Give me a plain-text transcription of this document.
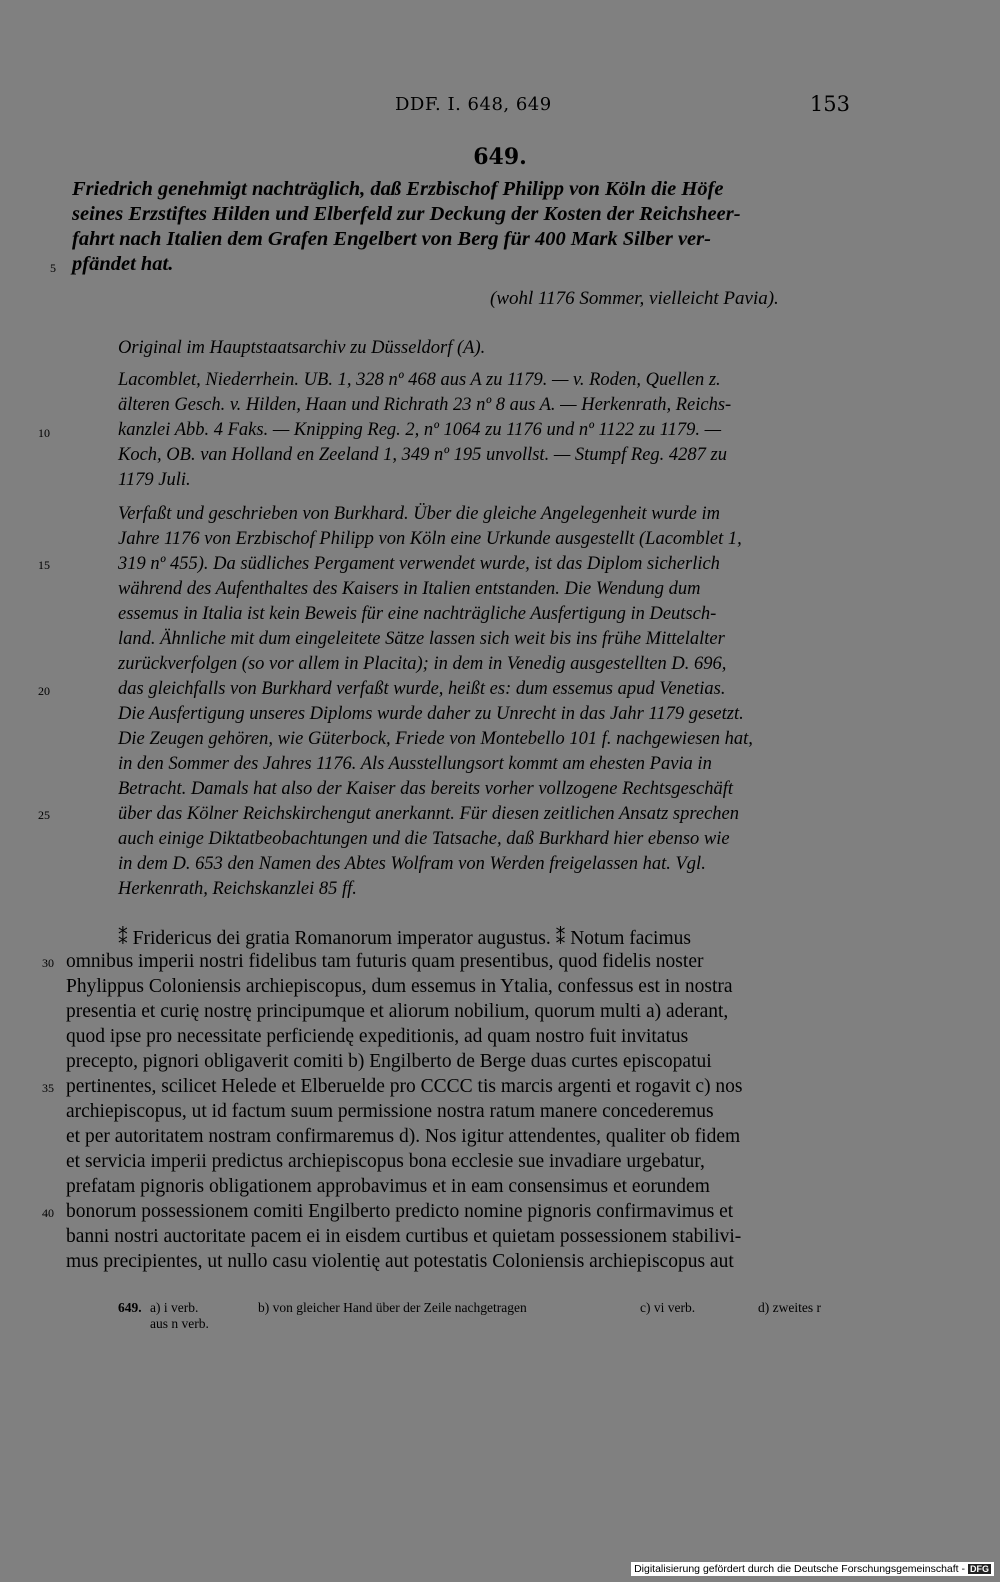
DDF. I. 648, 649	153
649.
Friedrich genehmigt nachträglich, daß Erzbischof Philipp von Köln die Höfe
seines Erzstiftes Hilden und Elberfeld zur Deckung der Kosten der Reichsheer-
fahrt nach Italien dem Grafen Engelbert von Berg für 400 Mark Silber ver-
5 pfändet hat.
(wohl 1176 Sommer, vielleicht Pavia).
Original im Hauptstaatsarchiv zu Düsseldorf (A).
Lacomblet, Niederrhein. UB. 1, 328 nº 468 aus A zu 1179. — v. Roden, Quellen z.
älteren Gesch. v. Hilden, Haan und Richrath 23 nº 8 aus A. — Herkenrath, Reichs-
10	kanzlei Abb. 4 Faks. — Knipping Reg. 2, nº 1064 zu 1176 und nº 1122 zu 1179. —
Koch, OB. van Holland en Zeeland 1, 349 nº 195 unvollst. — Stumpf Reg. 4287 zu
1179 Juli.
Verfaßt und geschrieben von Burkhard. Über die gleiche Angelegenheit wurde im
Jahre 1176 von Erzbischof Philipp von Köln eine Urkunde ausgestellt (Lacomblet 1,
15	319 nº 455). Da südliches Pergament verwendet wurde, ist das Diplom sicherlich
während des Aufenthaltes des Kaisers in Italien entstanden. Die Wendung dum
essemus in Italia ist kein Beweis für eine nachträgliche Ausfertigung in Deutsch-
land. Ähnliche mit dum eingeleitete Sätze lassen sich weit bis ins frühe Mittelalter
zurückverfolgen (so vor allem in Placita); in dem in Venedig ausgestellten D. 696,
20	das gleichfalls von Burkhard verfaßt wurde, heißt es: dum essemus apud Venetias.
Die Ausfertigung unseres Diploms wurde daher zu Unrecht in das Jahr 1179 gesetzt.
Die Zeugen gehören, wie Güterbock, Friede von Montebello 101 f. nachgewiesen hat,
in den Sommer des Jahres 1176. Als Ausstellungsort kommt am ehesten Pavia in
Betracht. Damals hat also der Kaiser das bereits vorher vollzogene Rechtsgeschäft
25	über das Kölner Reichskirchengut anerkannt. Für diesen zeitlichen Ansatz sprechen
auch einige Diktatbeobachtungen und die Tatsache, daß Burkhard hier ebenso wie
in dem D. 653 den Namen des Abtes Wolfram von Werden freigelassen hat. Vgl.
Herkenrath, Reichskanzlei 85 ff.
⁑ Fridericus dei gratia Romanorum imperator augustus. ⁑ Notum facimus
30 omnibus imperii nostri fidelibus tam futuris quam presentibus, quod fidelis noster
Phylippus Coloniensis archiepiscopus, dum essemus in Ytalia, confessus est in nostra
presentia et curię nostrę principumque et aliorum nobilium, quorum multi a) aderant,
quod ipse pro necessitate perficiendę expeditionis, ad quam nostro fuit invitatus
precepto, pignori obligaverit comiti b) Engilberto de Berge duas curtes episcopatui
35 pertinentes, scilicet Helede et Elberuelde pro CCCC tis marcis argenti et rogavit c) nos
archiepiscopus, ut id factum suum permissione nostra ratum manere concederemus
et per autoritatem nostram confirmaremus d). Nos igitur attendentes, qualiter ob fidem
et servicia imperii predictus archiepiscopus bona ecclesie sue invadiare urgebatur,
prefatam pignoris obligationem approbavimus et in eam consensimus et eorundem
40 bonorum possessionem comiti Engilberto predicto nomine pignoris confirmavimus et
banni nostri auctoritate pacem ei in eisdem curtibus et quietam possessionem stabilivi-
mus precipientes, ut nullo casu violentię aut potestatis Coloniensis archiepiscopus aut
649. a) i verb.	b) von gleicher Hand über der Zeile nachgetragen	c) vi verb.	d) zweites r
aus n verb.
Digitalisierung gefördert durch die Deutsche Forschungsgemeinschaft - DFG
